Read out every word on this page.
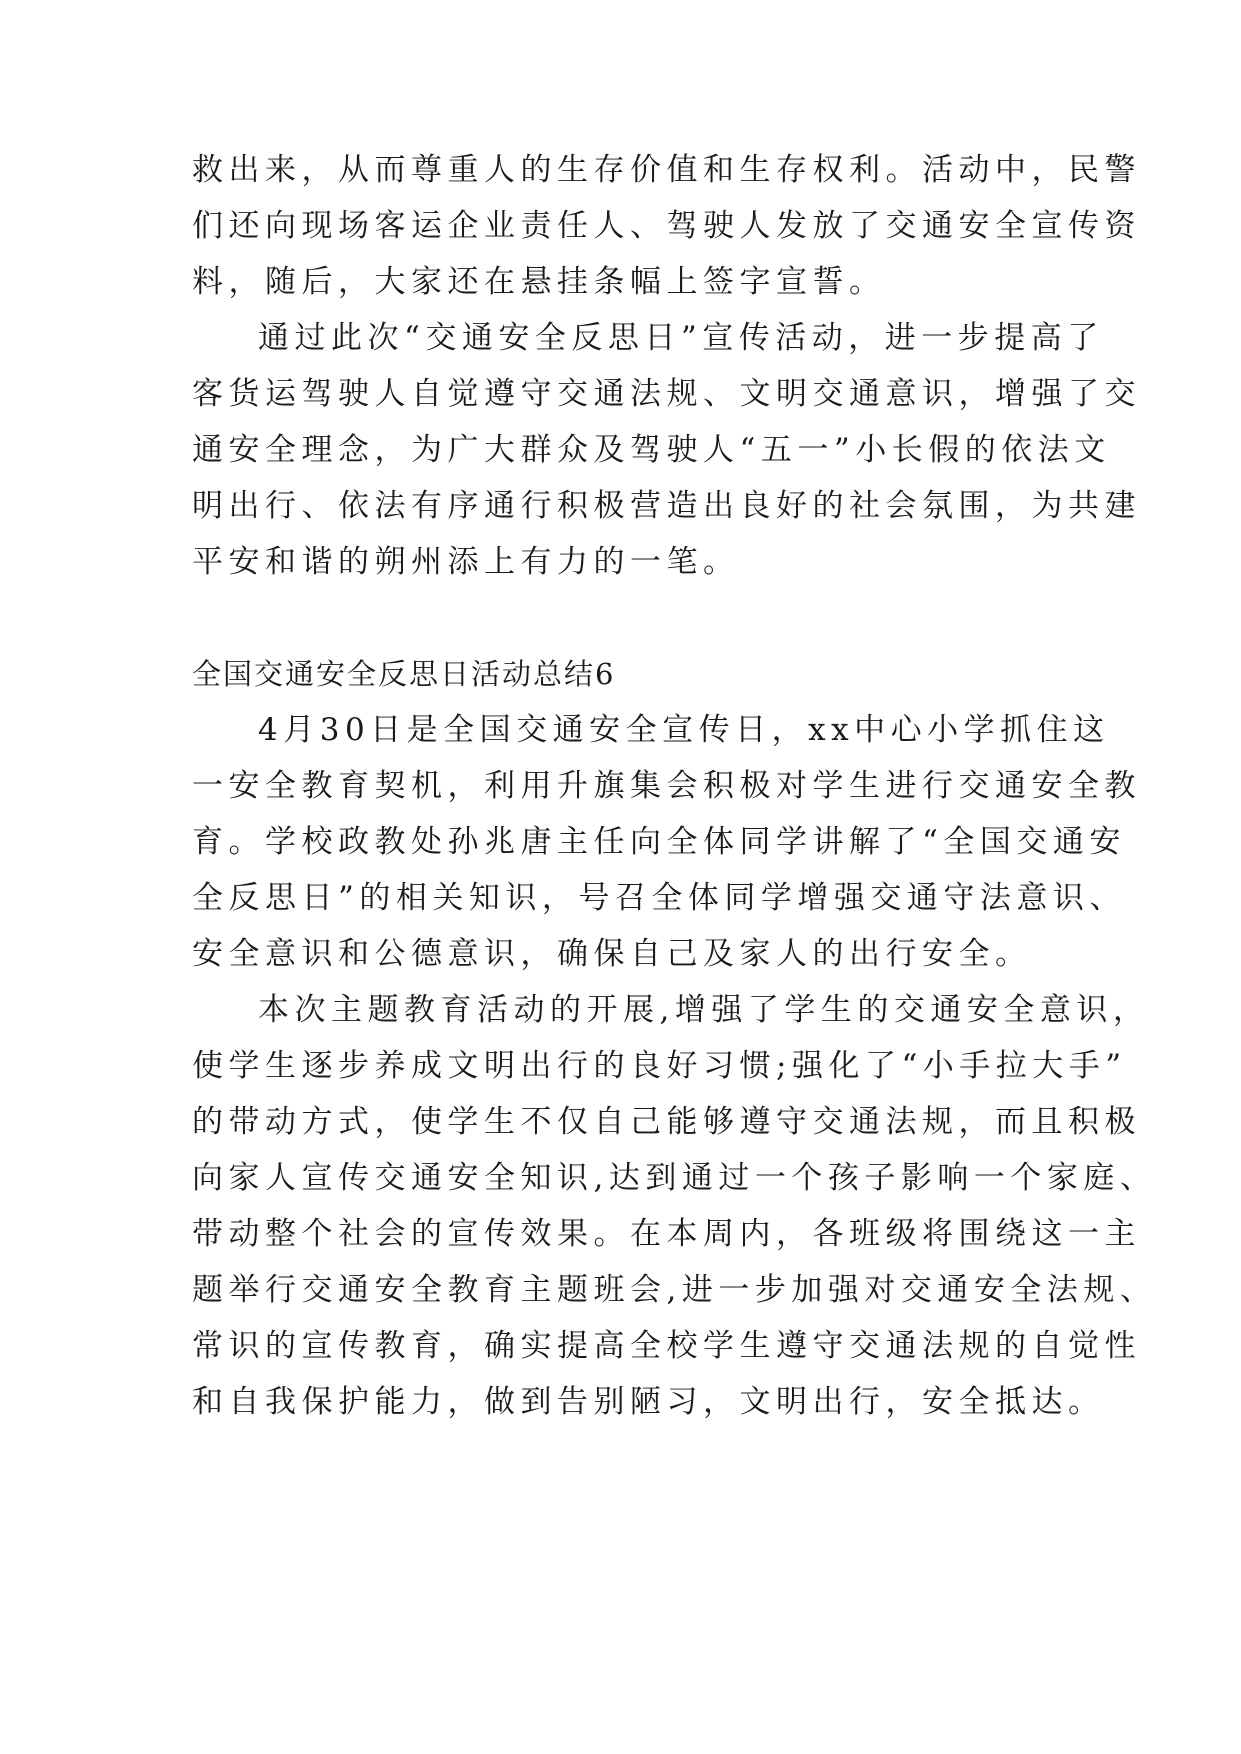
救出来，从而尊重人的生存价值和生存权利。活动中，民警
们还向现场客运企业责任人、驾驶人发放了交通安全宣传资
料，随后，大家还在悬挂条幅上签字宣誓。
通过此次“交通安全反思日”宣传活动，进一步提高了
客货运驾驶人自觉遵守交通法规、文明交通意识，增强了交
通安全理念，为广大群众及驾驶人“五一”小长假的依法文
明出行、依法有序通行积极营造出良好的社会氛围，为共建
平安和谐的朔州添上有力的一笔。
全国交通安全反思日活动总结6
4月30日是全国交通安全宣传日，xx中心小学抓住这
一安全教育契机，利用升旗集会积极对学生进行交通安全教
育。学校政教处孙兆唐主任向全体同学讲解了“全国交通安
全反思日”的相关知识，号召全体同学增强交通守法意识、
安全意识和公德意识，确保自己及家人的出行安全。
本次主题教育活动的开展,增强了学生的交通安全意识，
使学生逐步养成文明出行的良好习惯;强化了“小手拉大手”
的带动方式，使学生不仅自己能够遵守交通法规，而且积极
向家人宣传交通安全知识,达到通过一个孩子影响一个家庭、
带动整个社会的宣传效果。在本周内，各班级将围绕这一主
题举行交通安全教育主题班会,进一步加强对交通安全法规、
常识的宣传教育，确实提高全校学生遵守交通法规的自觉性
和自我保护能力，做到告别陋习，文明出行，安全抵达。
